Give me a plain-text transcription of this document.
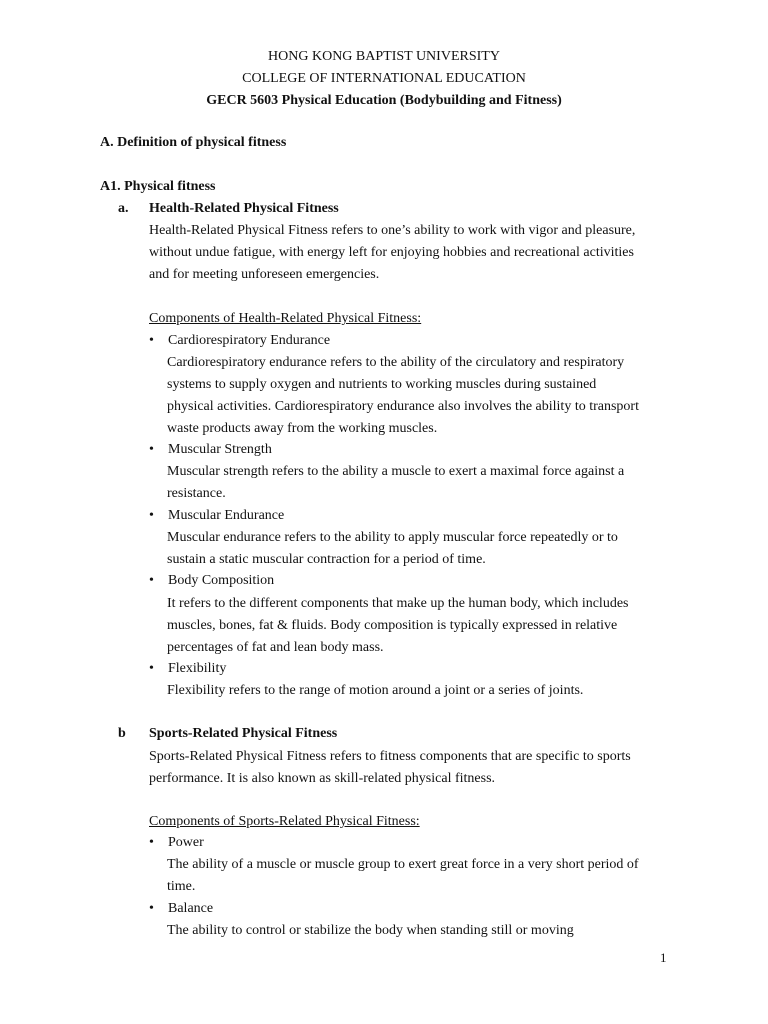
HONG KONG BAPTIST UNIVERSITY
COLLEGE OF INTERNATIONAL EDUCATION
GECR 5603 Physical Education (Bodybuilding and Fitness)
A. Definition of physical fitness
A1. Physical fitness
a. Health-Related Physical Fitness
Health-Related Physical Fitness refers to one’s ability to work with vigor and pleasure,
without undue fatigue, with energy left for enjoying hobbies and recreational activities
and for meeting unforeseen emergencies.
Components of Health-Related Physical Fitness:
•	Cardiorespiratory Endurance
Cardiorespiratory endurance refers to the ability of the circulatory and respiratory
systems to supply oxygen and nutrients to working muscles during sustained
physical activities. Cardiorespiratory endurance also involves the ability to transport
waste products away from the working muscles.
•	Muscular Strength
Muscular strength refers to the ability a muscle to exert a maximal force against a
resistance.
•	Muscular Endurance
Muscular endurance refers to the ability to apply muscular force repeatedly or to
sustain a static muscular contraction for a period of time.
•	Body Composition
It refers to the different components that make up the human body, which includes
muscles, bones, fat & fluids. Body composition is typically expressed in relative
percentages of fat and lean body mass.
•	Flexibility
Flexibility refers to the range of motion around a joint or a series of joints.
b Sports-Related Physical Fitness
Sports-Related Physical Fitness refers to fitness components that are specific to sports
performance. It is also known as skill-related physical fitness.
Components of Sports-Related Physical Fitness:
•	Power
The ability of a muscle or muscle group to exert great force in a very short period of
time.
•	Balance
The ability to control or stabilize the body when standing still or moving
1
